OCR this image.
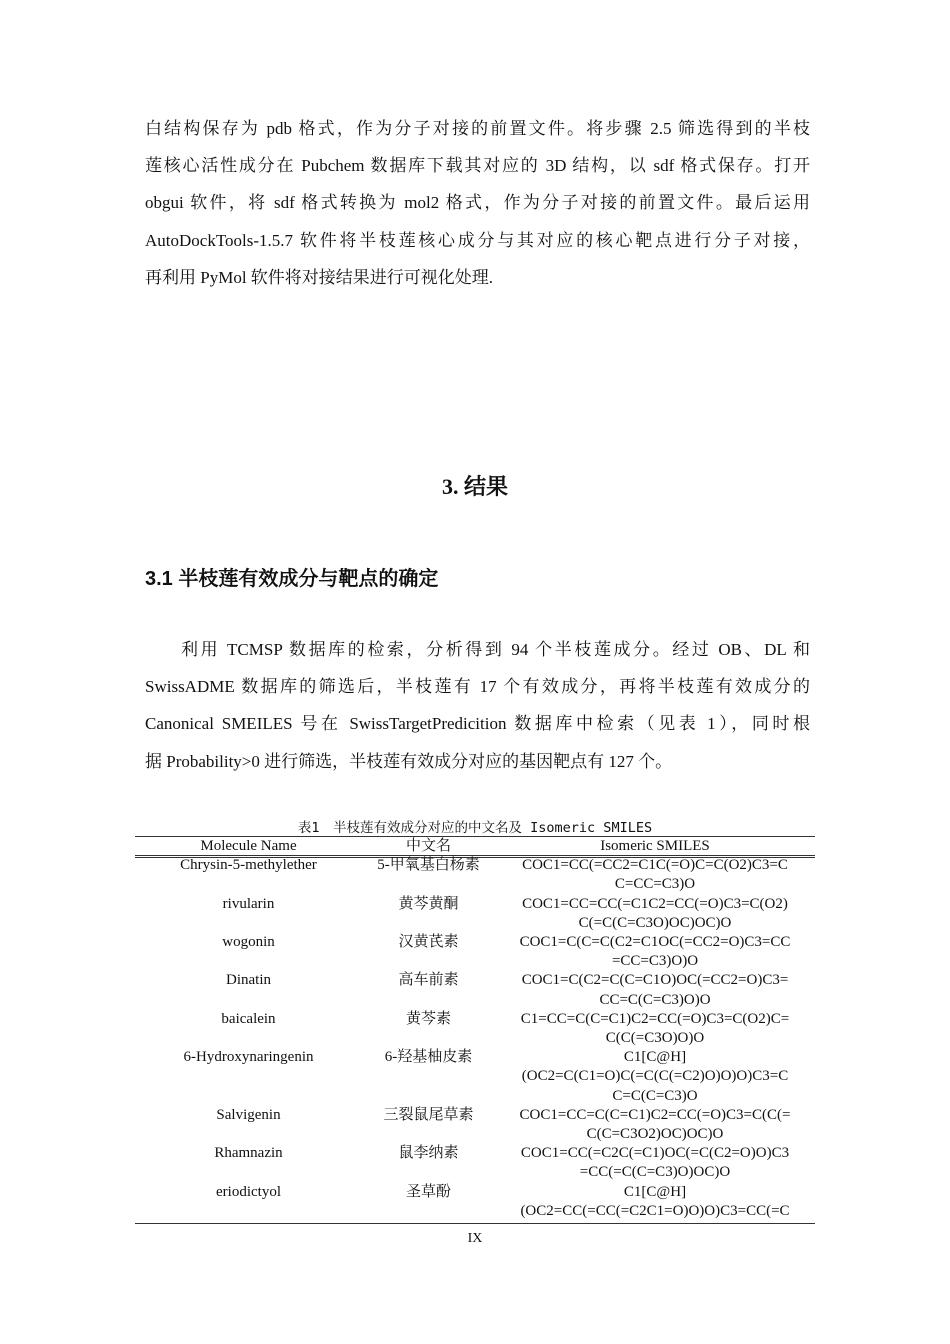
白结构保存为 pdb 格式，作为分子对接的前置文件。将步骤 2.5 筛选得到的半枝
莲核心活性成分在 Pubchem 数据库下载其对应的 3D 结构，以 sdf 格式保存。打开
obgui 软件，将 sdf 格式转换为 mol2 格式，作为分子对接的前置文件。最后运用
AutoDockTools-1.5.7 软件将半枝莲核心成分与其对应的核心靶点进行分子对接，
再利用 PyMol 软件将对接结果进行可视化处理.
3. 结果
3.1 半枝莲有效成分与靶点的确定
利用 TCMSP 数据库的检索，分析得到 94 个半枝莲成分。经过 OB、DL 和
SwissADME 数据库的筛选后，半枝莲有 17 个有效成分，再将半枝莲有效成分的
Canonical SMEILES 号在 SwissTargetPredicition 数据库中检索（见表 1），同时根
据 Probability>0 进行筛选，半枝莲有效成分对应的基因靶点有 127 个。
表1　半枝莲有效成分对应的中文名及 Isomeric SMILES
Molecule Name	中文名	Isomeric SMILES
Chrysin-5-methylether	5-甲氧基白杨素	COC1=CC(=CC2=C1C(=O)C=C(O2)C3=C
C=CC=C3)O

rivularin	黄芩黄酮	COC1=CC=CC(=C1C2=CC(=O)C3=C(O2)
C(=C(C=C3O)OC)OC)O

wogonin	汉黄芪素	COC1=C(C=C(C2=C1OC(=CC2=O)C3=CC
=CC=C3)O)O

Dinatin	高车前素	COC1=C(C2=C(C=C1O)OC(=CC2=O)C3=
CC=C(C=C3)O)O

baicalein	黄芩素	C1=CC=C(C=C1)C2=CC(=O)C3=C(O2)C=
C(C(=C3O)O)O

6-Hydroxynaringenin	6-羟基柚皮素	C1[C@H]
(OC2=C(C1=O)C(=C(C(=C2)O)O)O)C3=C
C=C(C=C3)O

Salvigenin	三裂鼠尾草素	COC1=CC=C(C=C1)C2=CC(=O)C3=C(C(=
C(C=C3O2)OC)OC)O

Rhamnazin	鼠李纳素	COC1=CC(=C2C(=C1)OC(=C(C2=O)O)C3
=CC(=C(C=C3)O)OC)O

eriodictyol	圣草酚	C1[C@H]
(OC2=CC(=CC(=C2C1=O)O)O)C3=CC(=C
IX
